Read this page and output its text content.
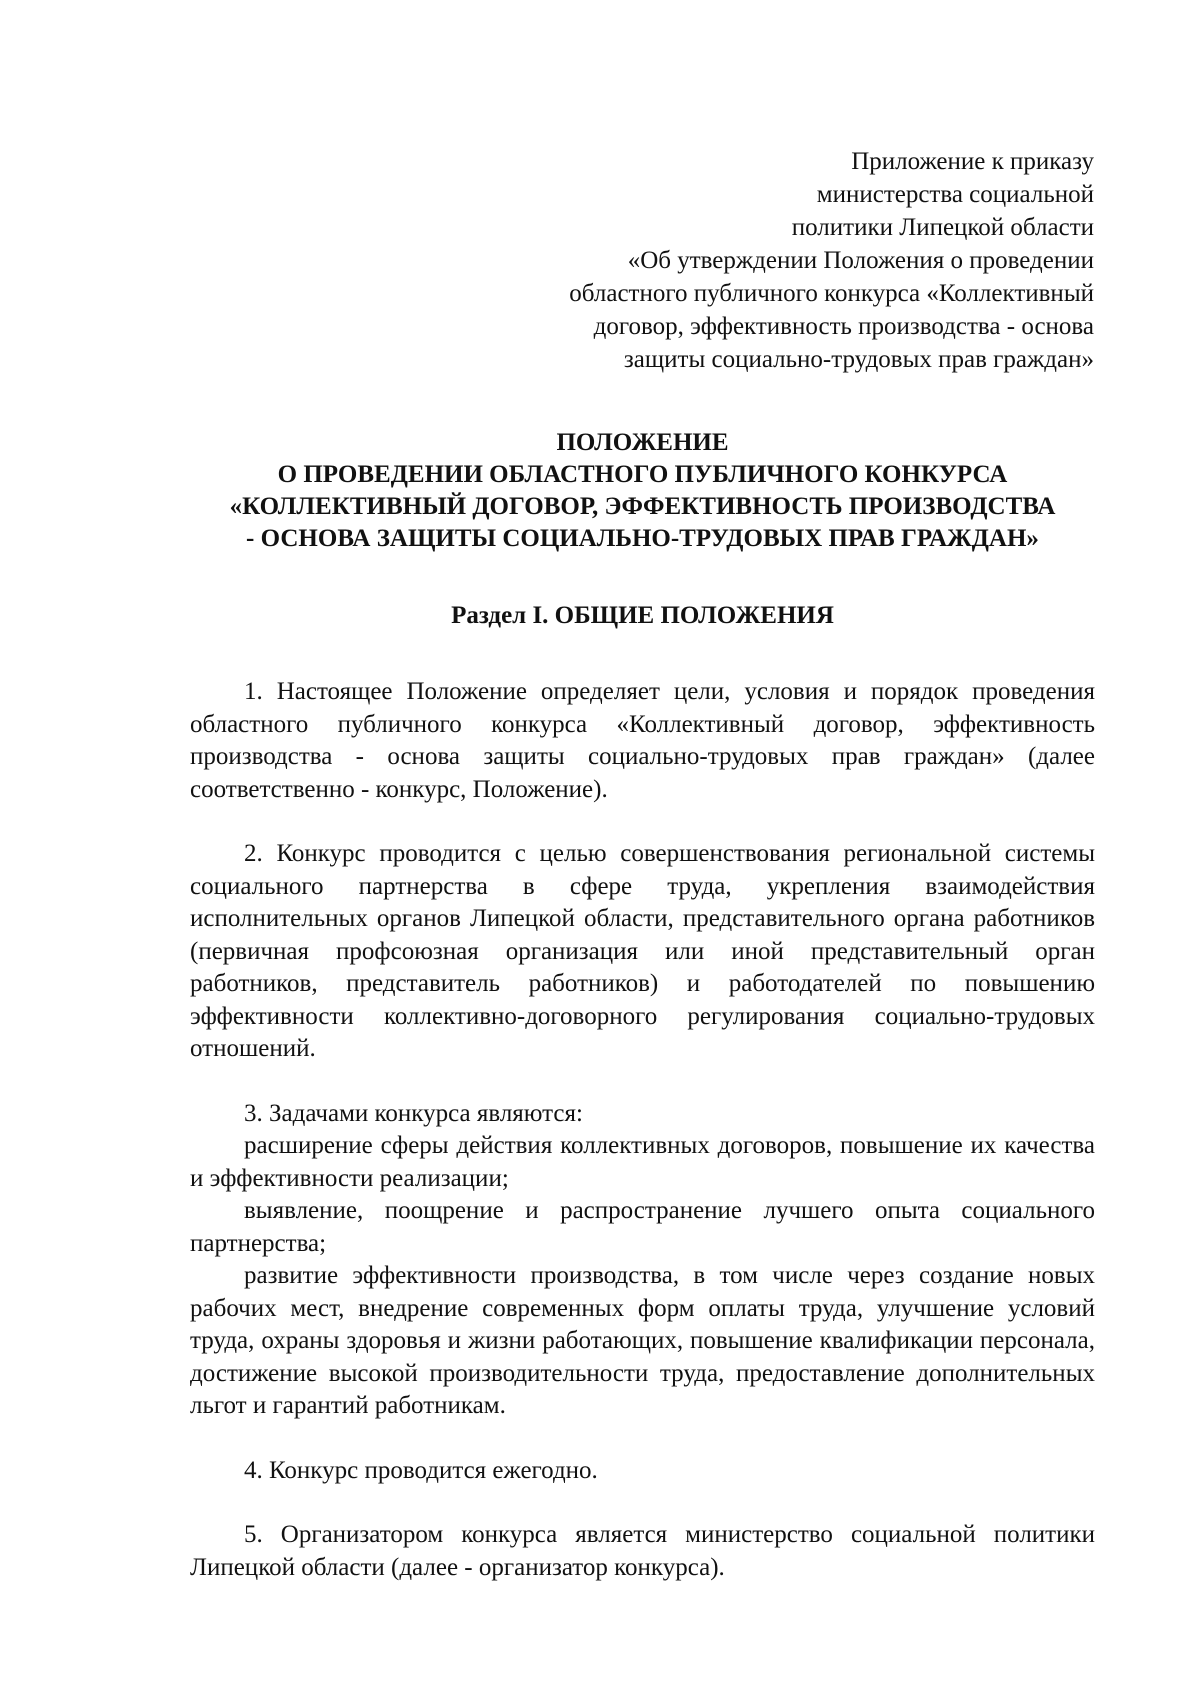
Приложение к приказу
министерства социальной
политики Липецкой области
«Об утверждении Положения о проведении
областного публичного конкурса «Коллективный
договор, эффективность производства - основа
защиты социально-трудовых прав граждан»
ПОЛОЖЕНИЕ
О ПРОВЕДЕНИИ ОБЛАСТНОГО ПУБЛИЧНОГО КОНКУРСА
«КОЛЛЕКТИВНЫЙ ДОГОВОР, ЭФФЕКТИВНОСТЬ ПРОИЗВОДСТВА
- ОСНОВА ЗАЩИТЫ СОЦИАЛЬНО-ТРУДОВЫХ ПРАВ ГРАЖДАН»
Раздел I. ОБЩИЕ ПОЛОЖЕНИЯ

1. Настоящее Положение определяет цели, условия и порядок проведения областного публичного конкурса «Коллективный договор, эффективность производства - основа защиты социально-трудовых прав граждан» (далее соответственно - конкурс, Положение).

2. Конкурс проводится с целью совершенствования региональной системы социального партнерства в сфере труда, укрепления взаимодействия исполнительных органов Липецкой области, представительного органа работников (первичная профсоюзная организация или иной представительный орган работников, представитель работников) и работодателей по повышению эффективности коллективно-договорного регулирования социально-трудовых отношений.

3. Задачами конкурса являются:

расширение сферы действия коллективных договоров, повышение их качества и эффективности реализации;

выявление, поощрение и распространение лучшего опыта социального партнерства;

развитие эффективности производства, в том числе через создание новых рабочих мест, внедрение современных форм оплаты труда, улучшение условий труда, охраны здоровья и жизни работающих, повышение квалификации персонала, достижение высокой производительности труда, предоставление дополнительных льгот и гарантий работникам.

4. Конкурс проводится ежегодно.

5. Организатором конкурса является министерство социальной политики Липецкой области (далее - организатор конкурса).
